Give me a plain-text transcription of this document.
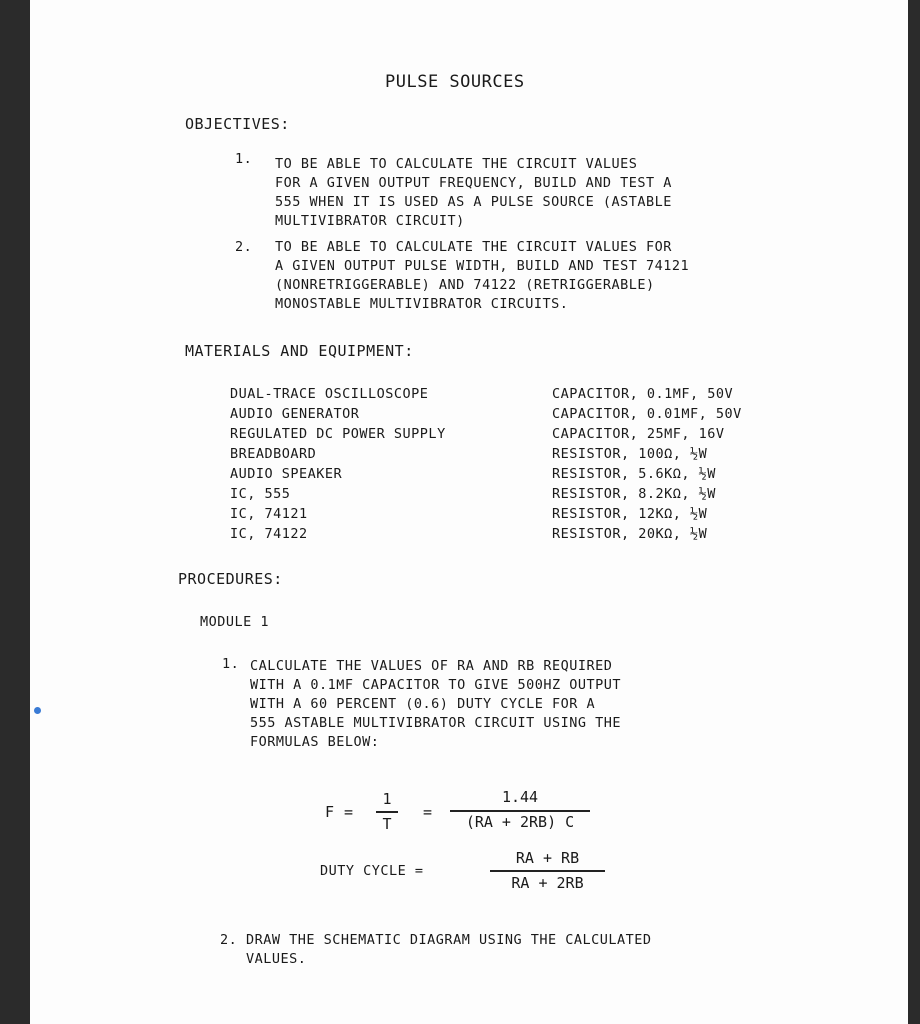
PULSE SOURCES
OBJECTIVES:
1. TO BE ABLE TO CALCULATE THE CIRCUIT VALUES
FOR A GIVEN OUTPUT FREQUENCY, BUILD AND TEST A
555 WHEN IT IS USED AS A PULSE SOURCE (ASTABLE
MULTIVIBRATOR CIRCUIT)
2. TO BE ABLE TO CALCULATE THE CIRCUIT VALUES FOR
A GIVEN OUTPUT PULSE WIDTH, BUILD AND TEST 74121
(NONRETRIGGERABLE) AND 74122 (RETRIGGERABLE)
MONOSTABLE MULTIVIBRATOR CIRCUITS.
MATERIALS AND EQUIPMENT:
DUAL-TRACE OSCILLOSCOPE
AUDIO GENERATOR
REGULATED DC POWER SUPPLY
BREADBOARD
AUDIO SPEAKER
IC, 555
IC, 74121
IC, 74122
CAPACITOR, 0.1ΜF, 50V
CAPACITOR, 0.01ΜF, 50V
CAPACITOR, 25ΜF, 16V
RESISTOR, 100Ω, ½W
RESISTOR, 5.6KΩ, ½W
RESISTOR, 8.2KΩ, ½W
RESISTOR, 12KΩ, ½W
RESISTOR, 20KΩ, ½W
PROCEDURES:
MODULE 1
1. CALCULATE THE VALUES OF RA AND RB REQUIRED
WITH A 0.1ΜF CAPACITOR TO GIVE 500HZ OUTPUT
WITH A 60 PERCENT (0.6) DUTY CYCLE FOR A
555 ASTABLE MULTIVIBRATOR CIRCUIT USING THE
FORMULAS BELOW:
F =
1
T
=
1.44
(RA + 2RB) C
DUTY CYCLE =
RA + RB
RA + 2RB
2. DRAW THE SCHEMATIC DIAGRAM USING THE CALCULATED
VALUES.
